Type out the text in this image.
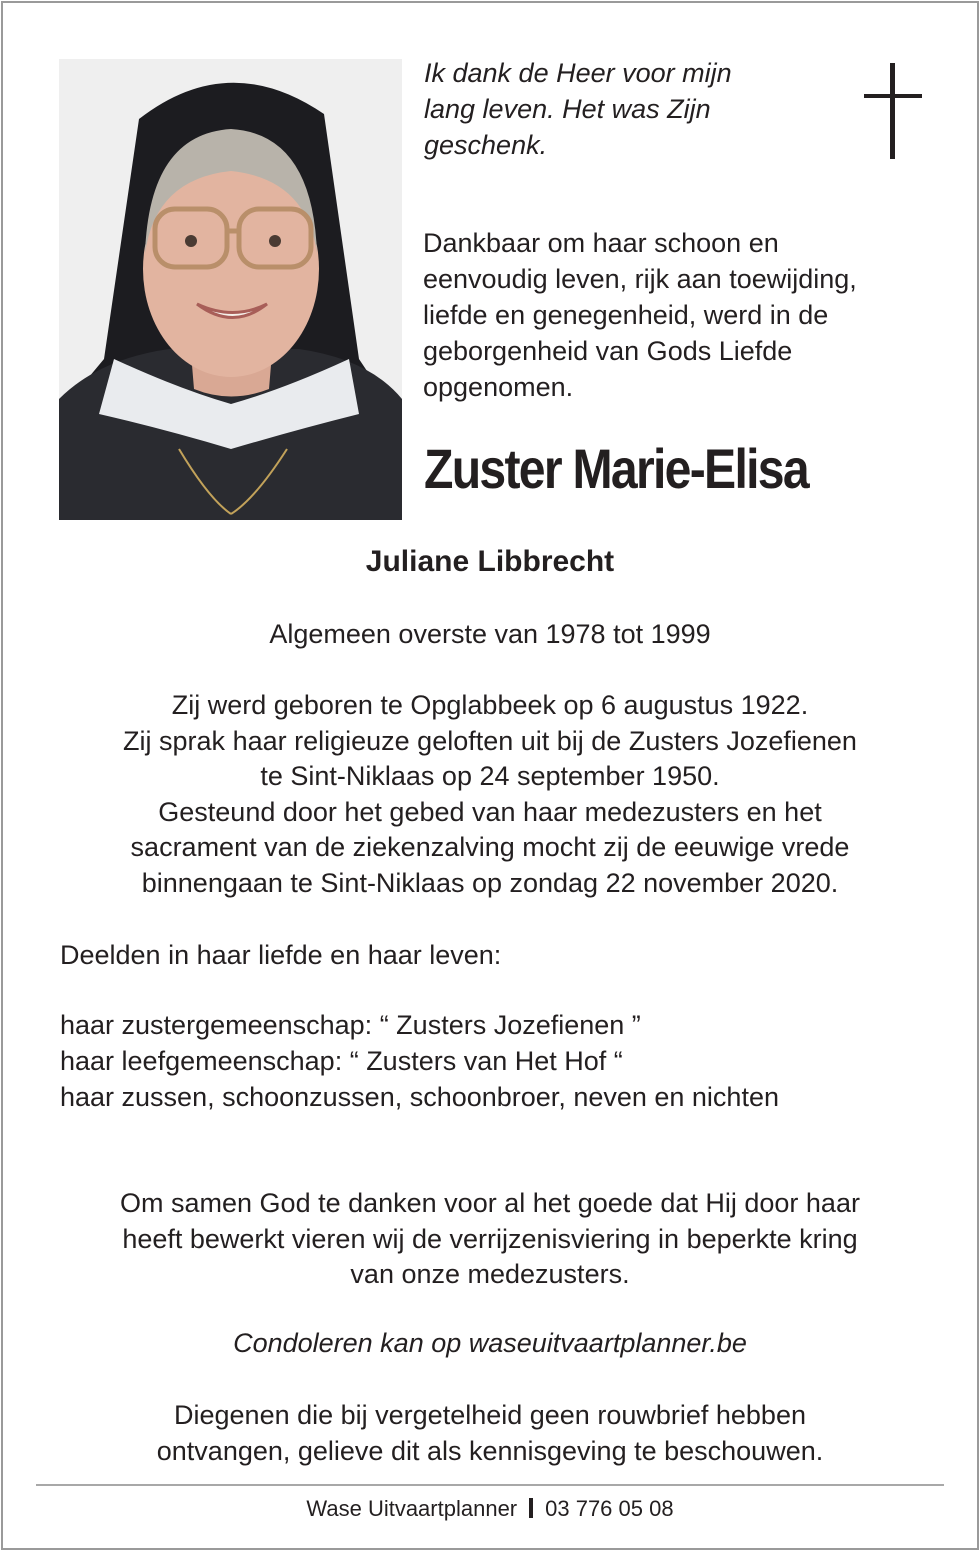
Ik dank de Heer voor mijn
lang leven. Het was Zijn
geschenk.
Dankbaar om haar schoon en
eenvoudig leven, rijk aan toewijding,
liefde en genegenheid, werd in de
geborgenheid van Gods Liefde
opgenomen.
Zuster Marie-Elisa
Juliane Libbrecht
Algemeen overste van 1978 tot 1999
Zij werd geboren te Opglabbeek op 6 augustus 1922.
Zij sprak haar religieuze geloften uit bij de Zusters Jozefienen
te Sint-Niklaas op 24 september 1950.
Gesteund door het gebed van haar medezusters en het
sacrament van de ziekenzalving mocht zij de eeuwige vrede
binnengaan te Sint-Niklaas op zondag 22 november 2020.
Deelden in haar liefde en haar leven:
haar zustergemeenschap: “ Zusters Jozefienen ”
haar leefgemeenschap: “ Zusters van Het Hof “
haar zussen, schoonzussen, schoonbroer, neven en nichten
Om samen God te danken voor al het goede dat Hij door haar
heeft bewerkt vieren wij de verrijzenisviering in beperkte kring
van onze medezusters.
Condoleren kan op waseuitvaartplanner.be
Diegenen die bij vergetelheid geen rouwbrief hebben
ontvangen, gelieve dit als kennisgeving te beschouwen.
Wase Uitvaartplanner 03 776 05 08
